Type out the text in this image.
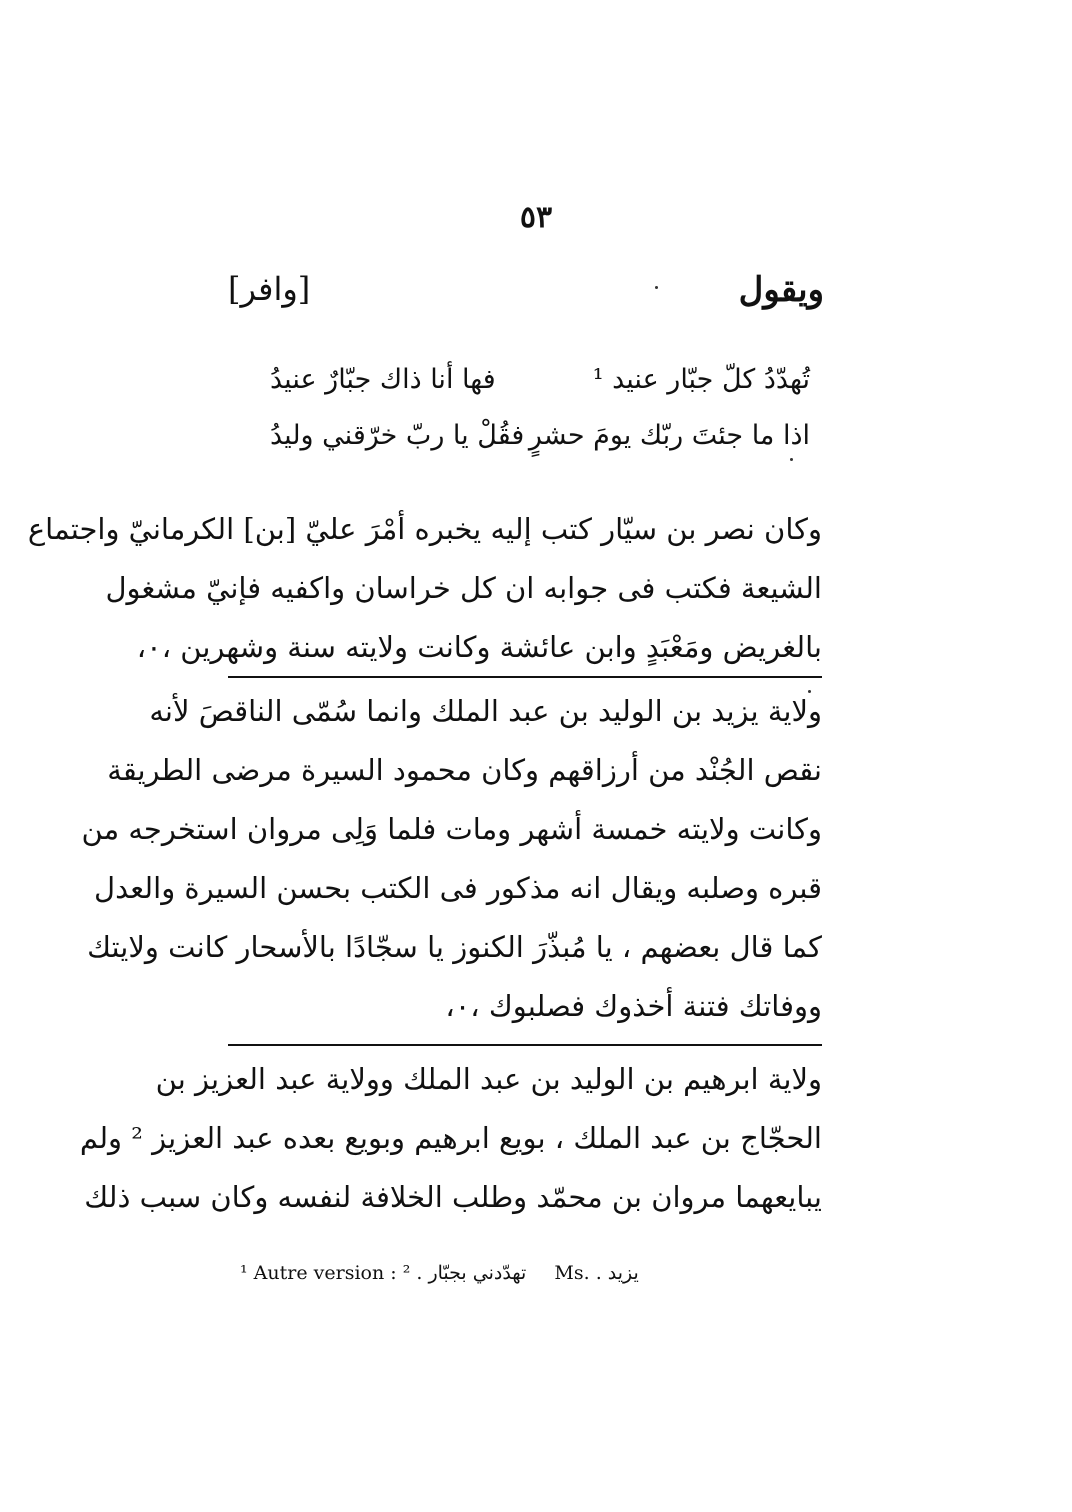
٥٣
ويقول
[وافر]
تُهدّدُ كلّ جبّار عنيد ¹
فها أنا ذاك جبّارٌ عنيدُ
اذا ما جئتَ ربّك يومَ حشرٍ
فقُلْ يا ربّ خرّقني وليدُ
وكان نصر بن سيّار كتب إليه يخبره أمْرَ عليّ [بن] الكرمانيّ واجتماع
الشيعة فكتب فى جوابه ان كل خراسان واكفيه فإنيّ مشغول
بالغريض ومَعْبَدٍ وابن عائشة وكانت ولايته سنة وشهرين ،٠،
ولاية يزيد بن الوليد بن عبد الملك وانما سُمّى الناقصَ لأنه
نقص الجُنْد من أرزاقهم وكان محمود السيرة مرضى الطريقة
وكانت ولايته خمسة أشهر ومات فلما وَلِى مروان استخرجه من
قبره وصلبه ويقال انه مذكور فى الكتب بحسن السيرة والعدل
كما قال بعضهم ، يا مُبذّرَ الكنوز يا سجّادًا بالأسحار كانت ولايتك
ووفاتك فتنة أخذوك فصلبوك ،٠،
ولاية ابرهيم بن الوليد بن عبد الملك وولاية عبد العزيز بن
الحجّاج بن عبد الملك ، بويع ابرهيم وبويع بعده عبد العزيز ² ولم
يبايعهما مروان بن محمّد وطلب الخلافة لنفسه وكان سبب ذلك
¹ Autre version : تهدّدني بجبّار . ²	Ms. يزيد .
